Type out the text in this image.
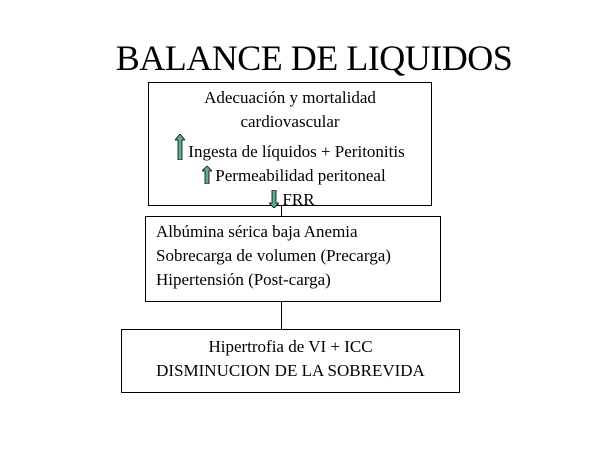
BALANCE DE LIQUIDOS
Adecuación y mortalidad
cardiovascular
Ingesta de líquidos + Peritonitis
Permeabilidad peritoneal
FRR
Albúmina sérica baja Anemia
Sobrecarga de volumen (Precarga)
Hipertensión (Post-carga)
Hipertrofia de VI + ICC
DISMINUCION DE LA SOBREVIDA
